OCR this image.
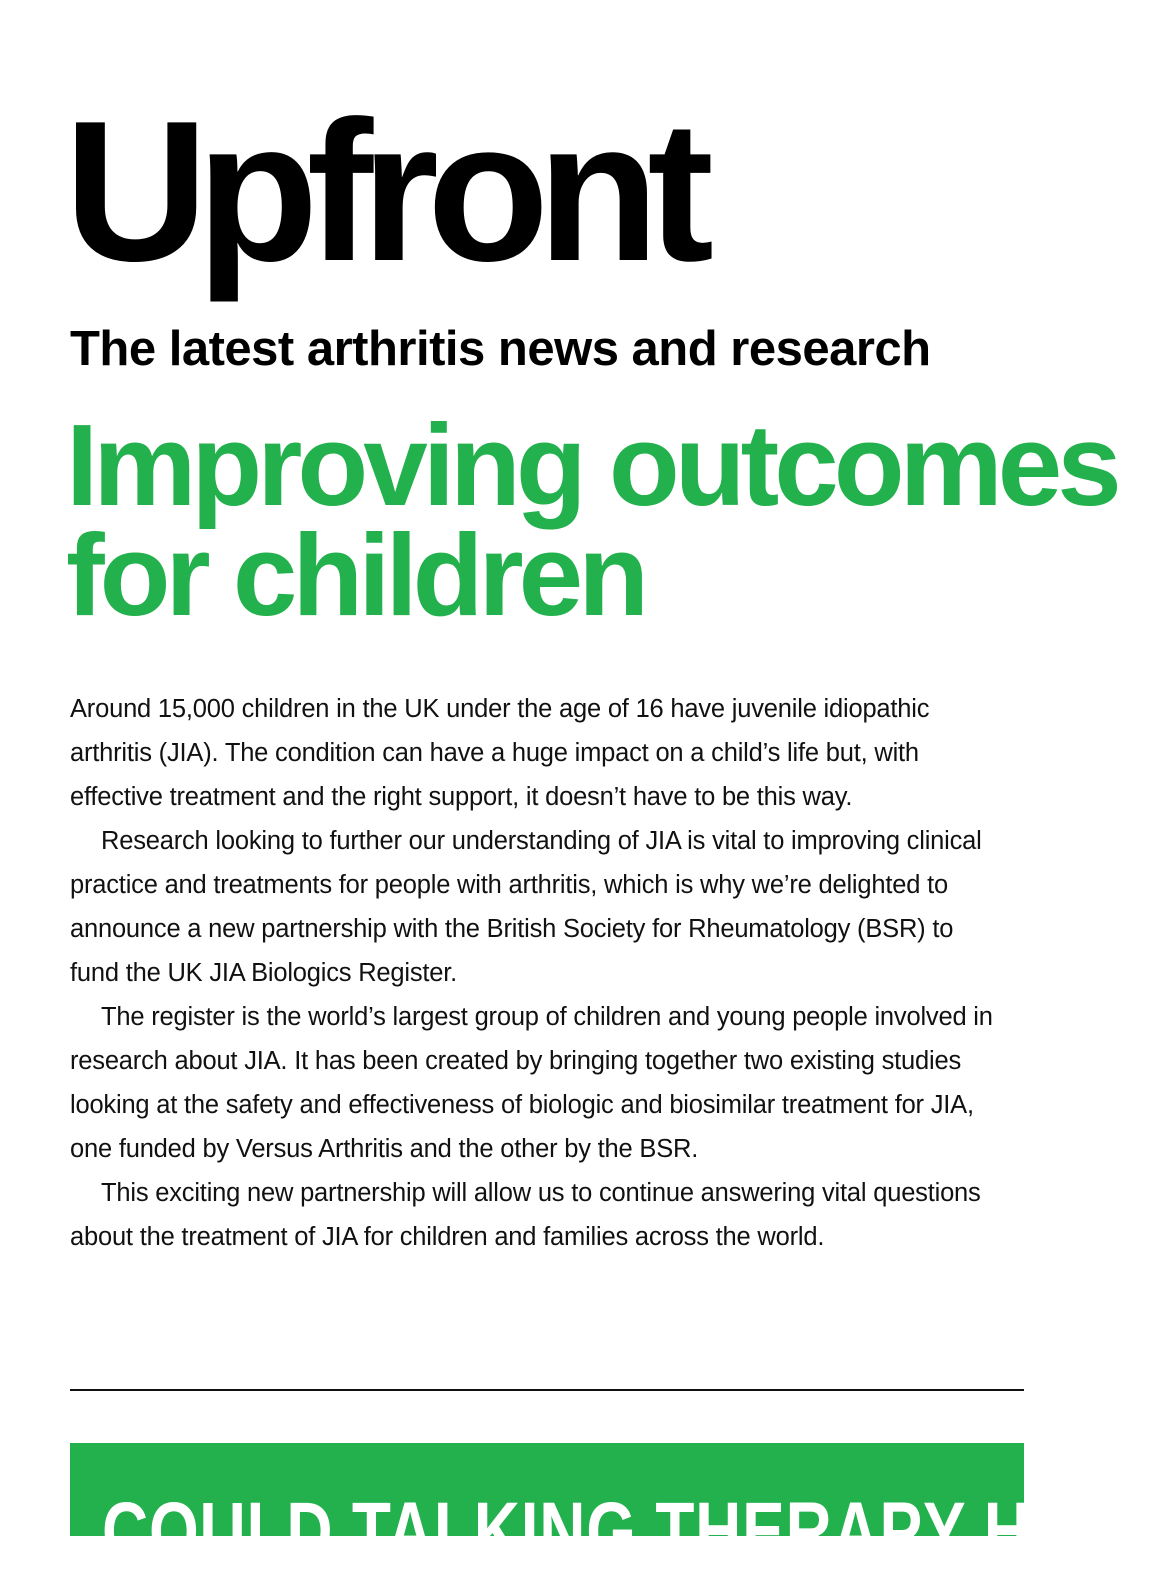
Upfront
The latest arthritis news and research
Improving outcomes
for children

Around 15,000 children in the UK under the age of 16 have juvenile idiopathic arthritis (JIA). The condition can have a huge impact on a child’s life but, with effective treatment and the right support, it doesn’t have to be this way.

Research looking to further our understanding of JIA is vital to improving clinical practice and treatments for people with arthritis, which is why we’re delighted to announce a new partnership with the British Society for Rheumatology (BSR) to fund the UK JIA Biologics Register.

The register is the world’s largest group of children and young people involved in research about JIA. It has been created by bringing together two existing studies looking at the safety and effectiveness of biologic and biosimilar treatment for JIA, one funded by Versus Arthritis and the other by the BSR.

This exciting new partnership will allow us to continue answering vital questions about the treatment of JIA for children and families across the world.

COULD TALKING THERAPY HELP
